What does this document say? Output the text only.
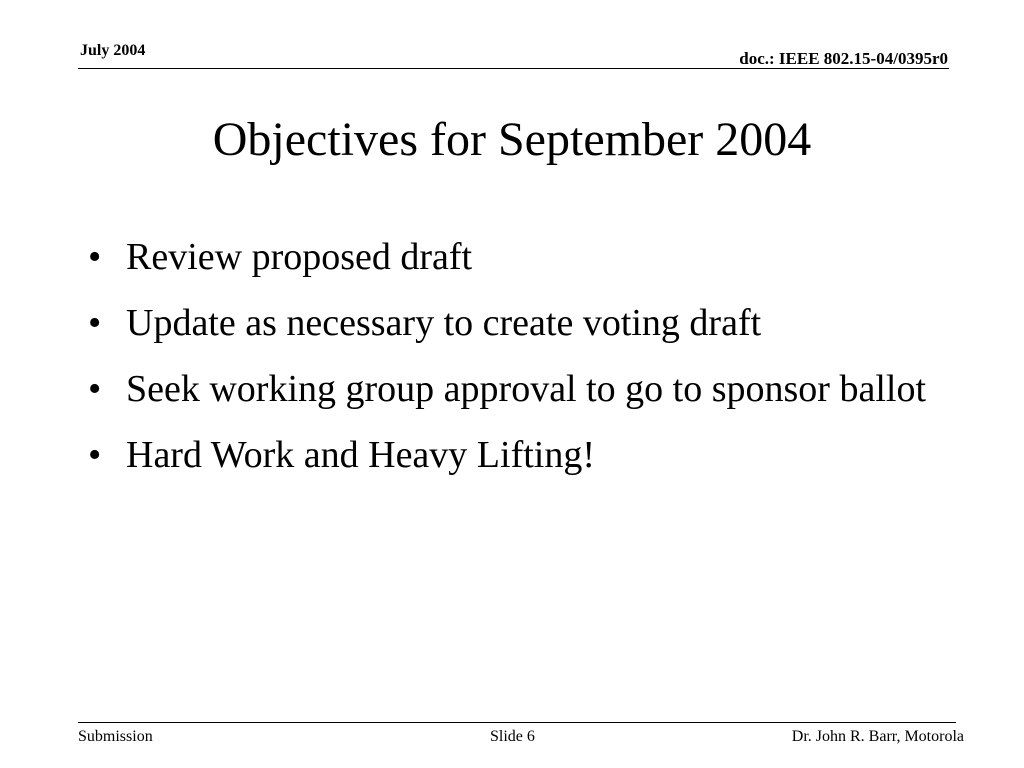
July 2004	doc.: IEEE 802.15-04/0395r0
Objectives for September 2004
• Review proposed draft
• Update as necessary to create voting draft
• Seek working group approval to go to sponsor ballot
• Hard Work and Heavy Lifting!
Submission	Slide 6	Dr. John R. Barr, Motorola
